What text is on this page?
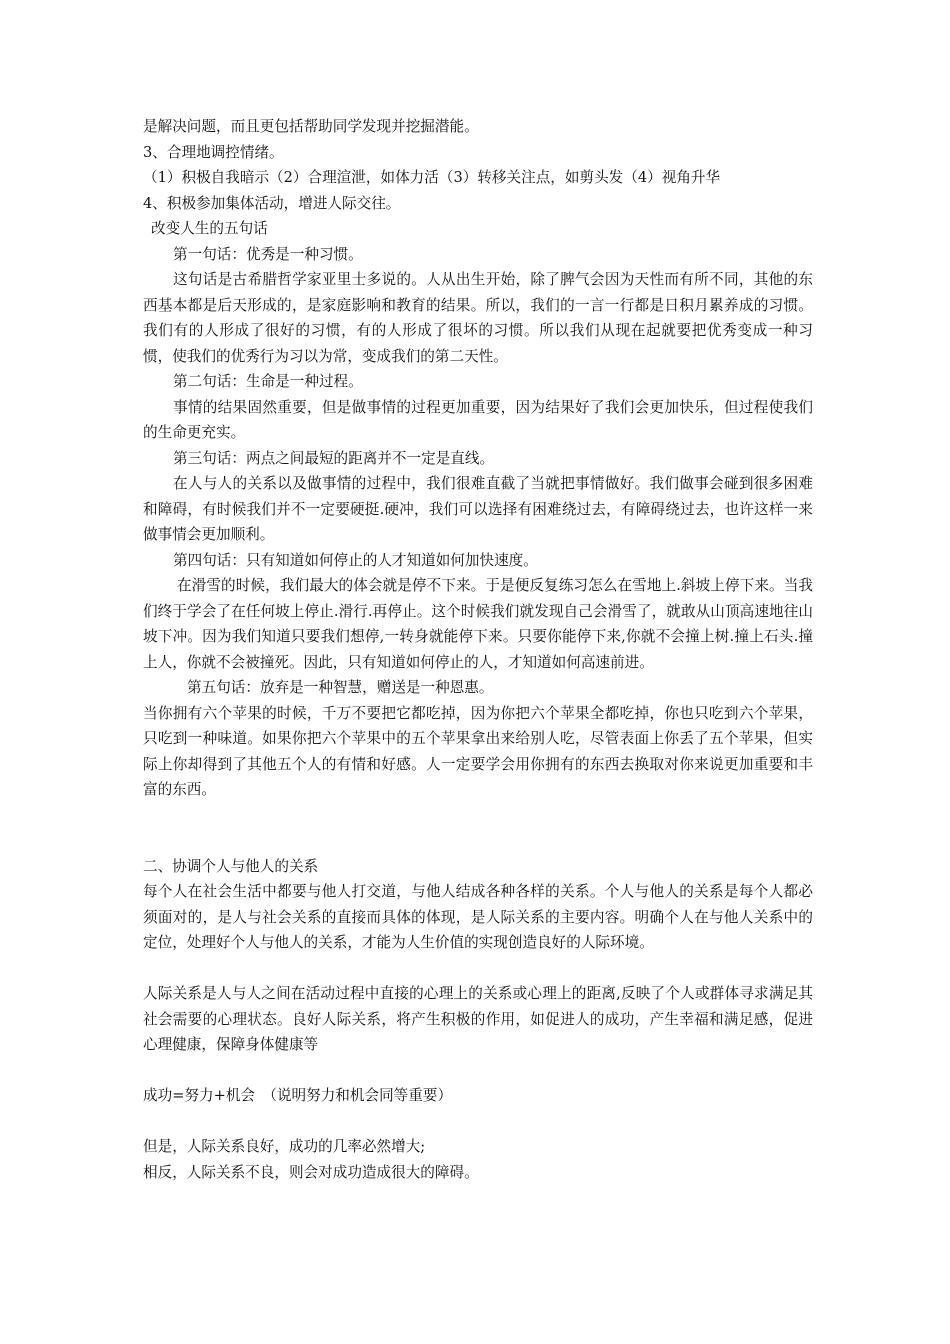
是解决问题，而且更包括帮助同学发现并挖掘潜能。
3、合理地调控情绪。
（1）积极自我暗示（2）合理渲泄，如体力活（3）转移关注点，如剪头发（4）视角升华
4、积极参加集体活动，增进人际交往。
改变人生的五句话
第一句话：优秀是一种习惯。
这句话是古希腊哲学家亚里士多说的。人从出生开始，除了脾气会因为天性而有所不同，其他的东西基本都是后天形成的，是家庭影响和教育的结果。所以，我们的一言一行都是日积月累养成的习惯。我们有的人形成了很好的习惯，有的人形成了很坏的习惯。所以我们从现在起就要把优秀变成一种习惯，使我们的优秀行为习以为常，变成我们的第二天性。
第二句话：生命是一种过程。
事情的结果固然重要，但是做事情的过程更加重要，因为结果好了我们会更加快乐，但过程使我们的生命更充实。
第三句话：两点之间最短的距离并不一定是直线。
在人与人的关系以及做事情的过程中，我们很难直截了当就把事情做好。我们做事会碰到很多困难和障碍，有时候我们并不一定要硬挺.硬冲，我们可以选择有困难绕过去，有障碍绕过去，也许这样一来做事情会更加顺利。
第四句话：只有知道如何停止的人才知道如何加快速度。
在滑雪的时候，我们最大的体会就是停不下来。于是便反复练习怎么在雪地上.斜坡上停下来。当我们终于学会了在任何坡上停止.滑行.再停止。这个时候我们就发现自己会滑雪了，就敢从山顶高速地往山坡下冲。因为我们知道只要我们想停,一转身就能停下来。只要你能停下来,你就不会撞上树.撞上石头.撞上人，你就不会被撞死。因此，只有知道如何停止的人，才知道如何高速前进。
第五句话：放弃是一种智慧，赠送是一种恩惠。
当你拥有六个苹果的时候，千万不要把它都吃掉，因为你把六个苹果全都吃掉，你也只吃到六个苹果，只吃到一种味道。如果你把六个苹果中的五个苹果拿出来给别人吃，尽管表面上你丢了五个苹果，但实际上你却得到了其他五个人的有情和好感。人一定要学会用你拥有的东西去换取对你来说更加重要和丰富的东西。
二、协调个人与他人的关系
每个人在社会生活中都要与他人打交道，与他人结成各种各样的关系。个人与他人的关系是每个人都必须面对的，是人与社会关系的直接而具体的体现，是人际关系的主要内容。明确个人在与他人关系中的定位，处理好个人与他人的关系，才能为人生价值的实现创造良好的人际环境。
人际关系是人与人之间在活动过程中直接的心理上的关系或心理上的距离,反映了个人或群体寻求满足其社会需要的心理状态。良好人际关系，将产生积极的作用，如促进人的成功，产生幸福和满足感，促进心理健康，保障身体健康等
成功=努力+机会　（说明努力和机会同等重要）
但是，人际关系良好，成功的几率必然增大;
相反，人际关系不良，则会对成功造成很大的障碍。
